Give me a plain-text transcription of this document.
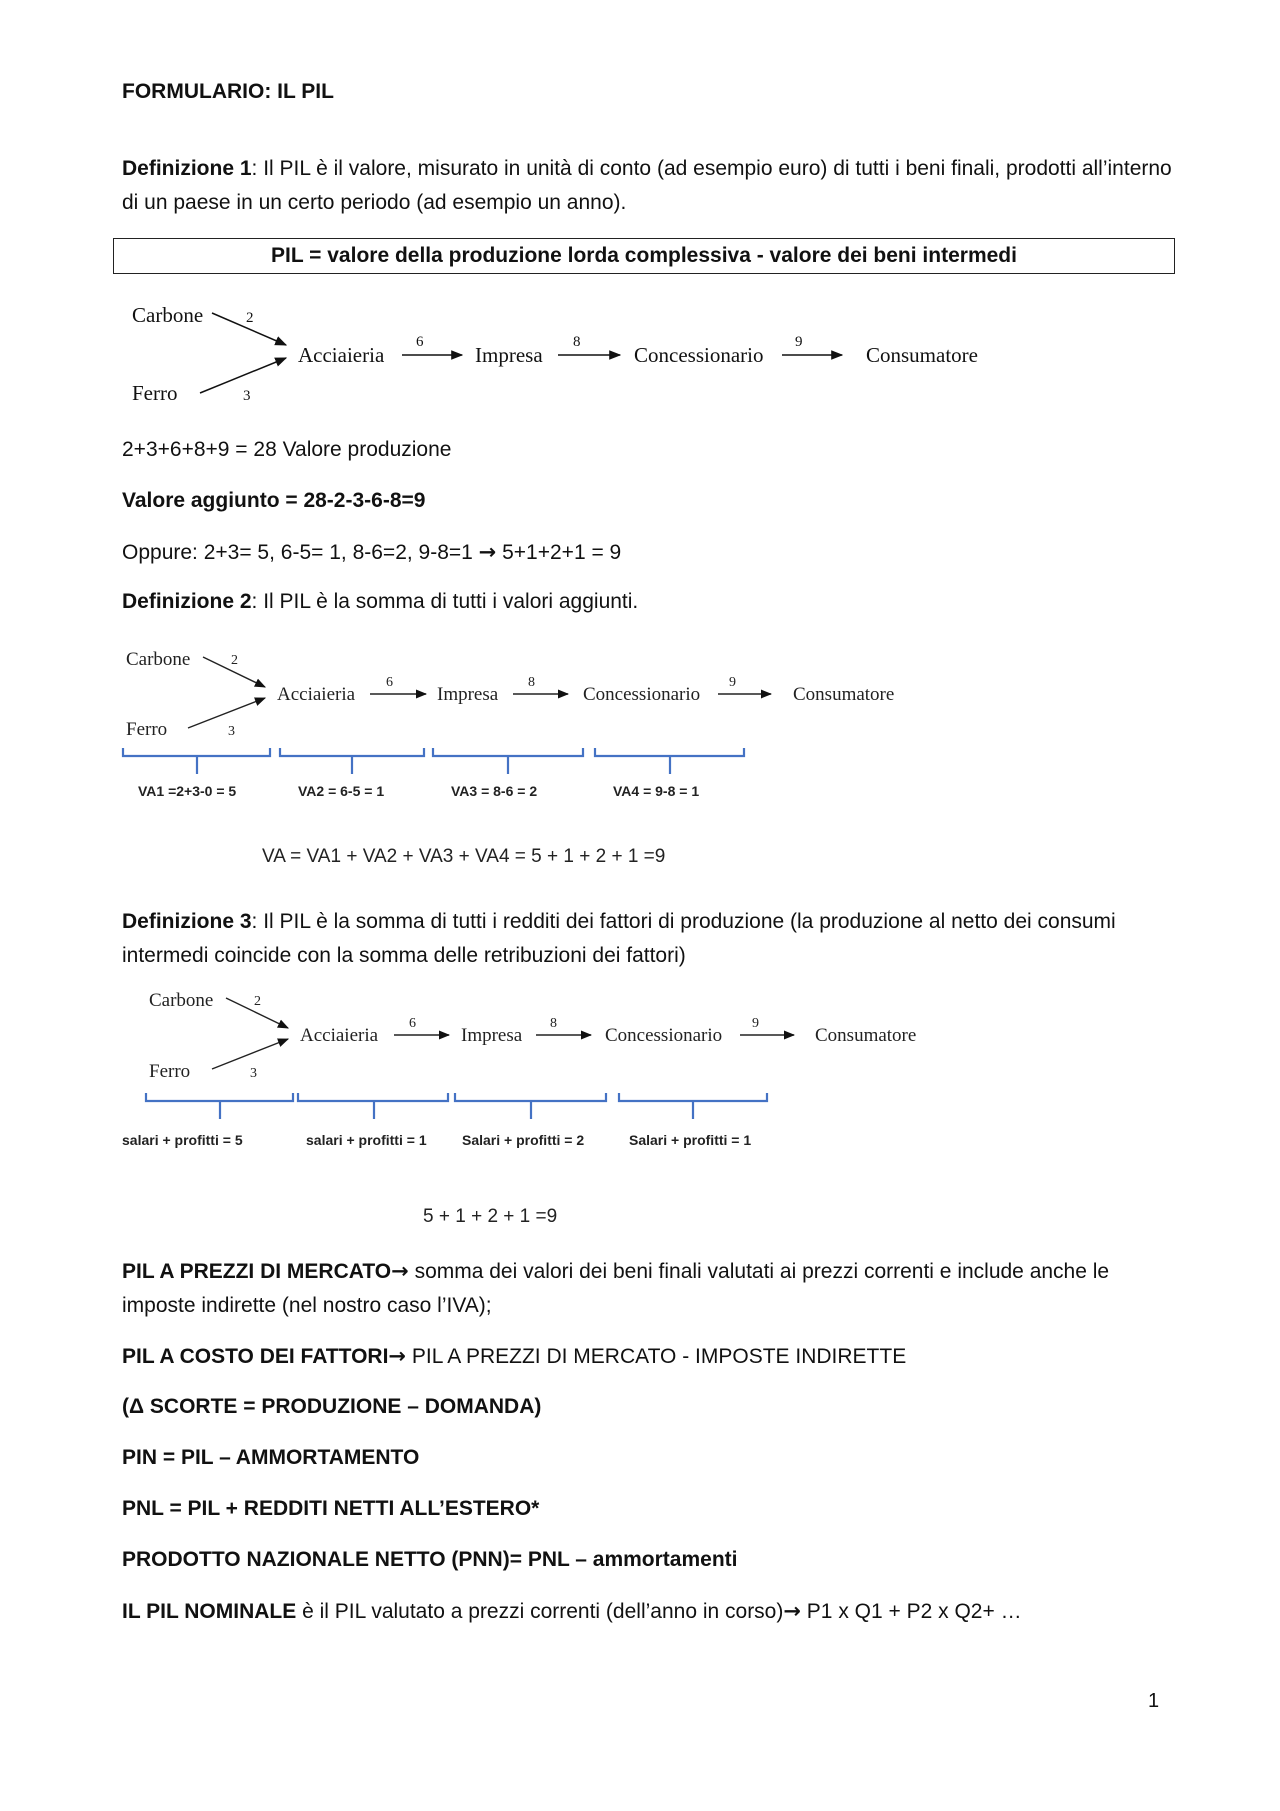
FORMULARIO: IL PIL

Definizione 1: Il PIL è il valore, misurato in unità di conto (ad esempio euro) di tutti i beni finali, prodotti all’interno di un paese in un certo periodo (ad esempio un anno).

PIL = valore della produzione lorda complessiva - valore dei beni intermedi
Carbone
Ferro
Acciaieria	Impresa	Concessionario	Consumatore
2
3
6	8	9

2+3+6+8+9 = 28 Valore produzione

Valore aggiunto = 28-2-3-6-8=9

Oppure: 2+3= 5, 6-5= 1, 8-6=2, 9-8=1 → 5+1+2+1 = 9

Definizione 2: Il PIL è la somma di tutti i valori aggiunti.

Carbone
Ferro
Acciaieria	Impresa	Concessionario	Consumatore
2
3
6	8	9
VA1 =2+3-0 = 5	VA2 = 6-5 = 1	VA3 = 8-6 = 2	VA4 = 9-8 = 1
VA = VA1 + VA2 + VA3 + VA4 = 5 + 1 + 2 + 1 =9

Definizione 3: Il PIL è la somma di tutti i redditi dei fattori di produzione (la produzione al netto dei consumi intermedi coincide con la somma delle retribuzioni dei fattori)

Carbone
Ferro
Acciaieria	Impresa	Concessionario	Consumatore
2
3
6	8	9
salari + profitti = 5	salari + profitti = 1	Salari + profitti = 2	Salari + profitti = 1
5 + 1 + 2 + 1 =9

PIL A PREZZI DI MERCATO→ somma dei valori dei beni finali valutati ai prezzi correnti e include anche le imposte indirette (nel nostro caso l’IVA);

PIL A COSTO DEI FATTORI→ PIL A PREZZI DI MERCATO - IMPOSTE INDIRETTE

(Δ SCORTE = PRODUZIONE – DOMANDA)

PIN = PIL – AMMORTAMENTO

PNL = PIL + REDDITI NETTI ALL’ESTERO*

PRODOTTO NAZIONALE NETTO (PNN)= PNL – ammortamenti

IL PIL NOMINALE è il PIL valutato a prezzi correnti (dell’anno in corso)→ P1 x Q1 + P2 x Q2+ …

1
